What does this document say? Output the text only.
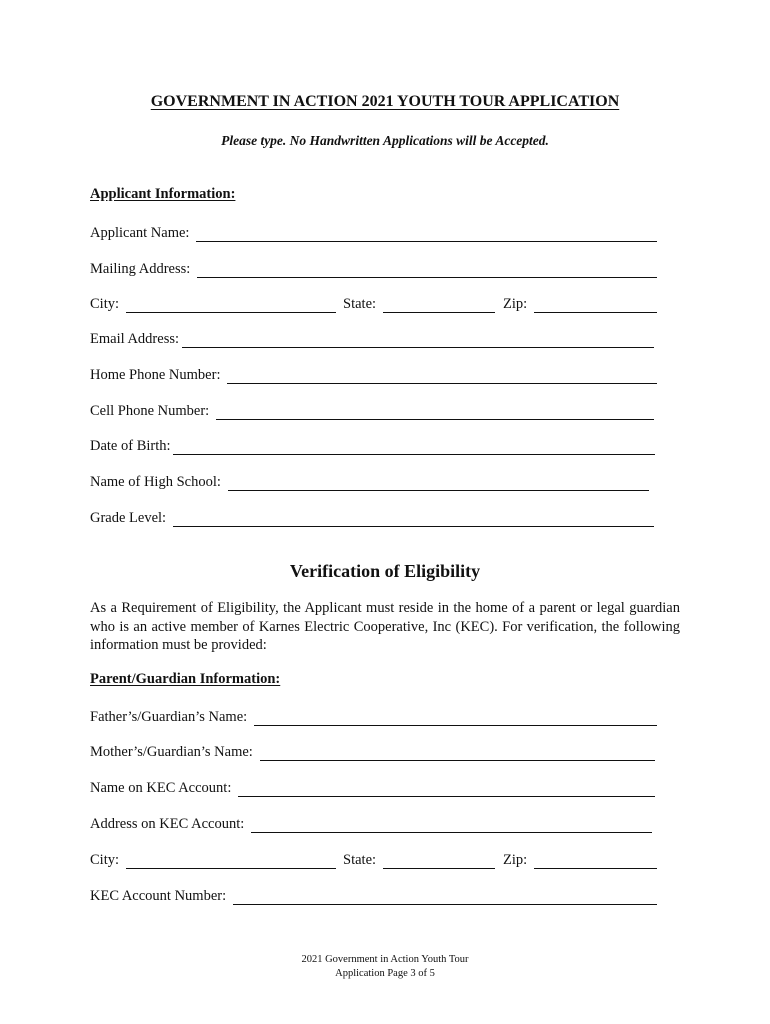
GOVERNMENT IN ACTION 2021 YOUTH TOUR APPLICATION
Please type. No Handwritten Applications will be Accepted.
Applicant Information:
Applicant Name:
Mailing Address:
City:	State:	Zip:
Email Address:
Home Phone Number:
Cell Phone Number:
Date of Birth:
Name of High School:
Grade Level:
Verification of Eligibility
As a Requirement of Eligibility, the Applicant must reside in the home of a parent or legal guardian who is an active member of Karnes Electric Cooperative, Inc (KEC). For verification, the following information must be provided:
Parent/Guardian Information:
Father’s/Guardian’s Name:
Mother’s/Guardian’s Name:
Name on KEC Account:
Address on KEC Account:
City:	State:	Zip:
KEC Account Number:
2021 Government in Action Youth Tour
Application Page 3 of 5
